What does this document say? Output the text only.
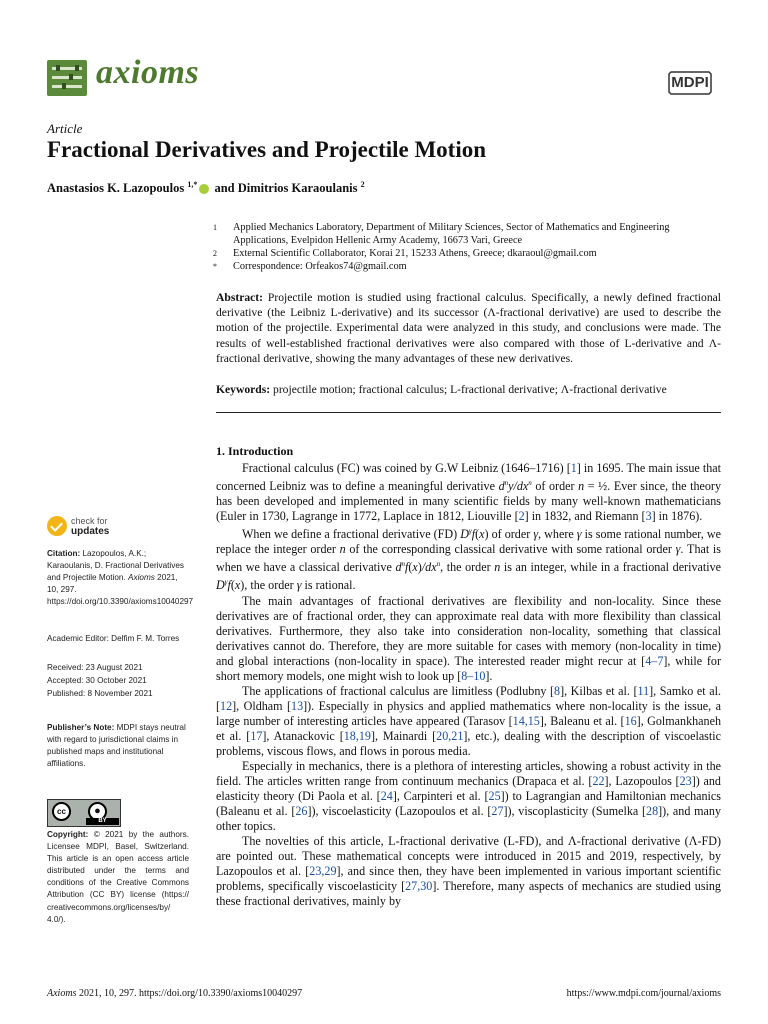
axioms	MDPI
Article
Fractional Derivatives and Projectile Motion
Anastasios K. Lazopoulos $^{1,*}$ and Dimitrios Karaoulanis $^2$
1 Applied Mechanics Laboratory, Department of Military Sciences, Sector of Mathematics and Engineering
Applications, Evelpidon Hellenic Army Academy, 16673 Vari, Greece
2 External Scientific Collaborator, Korai 21, 15233 Athens, Greece; dkaraoul@gmail.com
* Correspondence: Orfeakos74@gmail.com
Abstract: Projectile motion is studied using fractional calculus. Specifically, a newly defined fractional derivative (the Leibniz L-derivative) and its successor (Λ-fractional derivative) are used to describe the motion of the projectile. Experimental data were analyzed in this study, and conclusions were made. The results of well-established fractional derivatives were also compared with those of L-derivative and Λ-fractional derivative, showing the many advantages of these new derivatives.
Keywords: projectile motion; fractional calculus; L-fractional derivative; Λ-fractional derivative
1. Introduction

Fractional calculus (FC) was coined by G.W Leibniz (1646–1716) [1] in 1695. The main issue that concerned Leibniz was to define a meaningful derivative $d^ny/dx^n$ of order n = ½. Ever since, the theory has been developed and implemented in many scientific fields by many well-known mathematicians (Euler in 1730, Lagrange in 1772, Laplace in 1812, Liouville [2] in 1832, and Riemann [3] in 1876).

When we define a fractional derivative (FD) $D^\gamma f(x)$ of order γ, where γ is some rational number, we replace the integer order n of the corresponding classical derivative with some rational order γ. That is when we have a classical derivative $d^nf(x)/dx^n$, the order n is an integer, while in a fractional derivative $D^\gamma f(x)$, the order γ is rational.

The main advantages of fractional derivatives are flexibility and non-locality. Since these derivatives are of fractional order, they can approximate real data with more flexibility than classical derivatives. Furthermore, they also take into consideration non-locality, something that classical derivatives cannot do. Therefore, they are more suitable for cases with memory (non-locality in time) and global interactions (non-locality in space). The interested reader might recur at [4–7], while for short memory models, one might wish to look up [8–10].

The applications of fractional calculus are limitless (Podlubny [8], Kilbas et al. [11], Samko et al. [12], Oldham [13]). Especially in physics and applied mathematics where non-locality is the issue, a large number of interesting articles have appeared (Tarasov [14,15], Baleanu et al. [16], Golmankhaneh et al. [17], Atanackovic [18,19], Mainardi [20,21], etc.), dealing with the description of viscoelastic problems, viscous flows, and flows in porous media.

Especially in mechanics, there is a plethora of interesting articles, showing a robust activity in the field. The articles written range from continuum mechanics (Drapaca et al. [22], Lazopoulos [23]) and elasticity theory (Di Paola et al. [24], Carpinteri et al. [25]) to Lagrangian and Hamiltonian mechanics (Baleanu et al. [26]), viscoelasticity (Lazopoulos et al. [27]), viscoplasticity (Sumelka [28]), and many other topics.

The novelties of this article, L-fractional derivative (L-FD), and Λ-fractional derivative (Λ-FD) are pointed out. These mathematical concepts were introduced in 2015 and 2019, respectively, by Lazopoulos et al. [23,29], and since then, they have been implemented in various important scientific problems, specifically viscoelasticity [27,30]. Therefore, many aspects of mechanics are studied using these fractional derivatives, mainly by

check for
updates
Citation: Lazopoulos, A.K.; Karaoulanis, D. Fractional Derivatives and Projectile Motion. Axioms 2021, 10, 297. https://doi.org/10.3390/axioms10040297
Academic Editor: Delfim F. M. Torres
Received: 23 August 2021
Accepted: 30 October 2021
Published: 8 November 2021
Publisher’s Note: MDPI stays neutral with regard to jurisdictional claims in published maps and institutional affiliations.
cc	●
BY
Copyright: © 2021 by the authors. Licensee MDPI, Basel, Switzerland. This article is an open access article distributed under the terms and conditions of the Creative Commons Attribution (CC BY) license (https:// creativecommons.org/licenses/by/ 4.0/).
Axioms 2021, 10, 297. https://doi.org/10.3390/axioms10040297	https://www.mdpi.com/journal/axioms
